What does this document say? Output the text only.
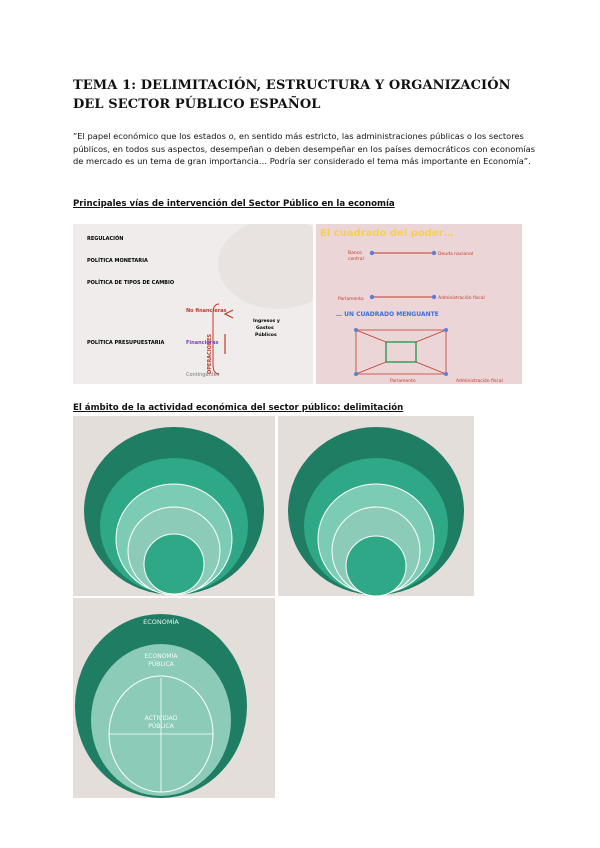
TEMA 1: DELIMITACIÓN, ESTRUCTURA Y ORGANIZACIÓN DEL SECTOR PÚBLICO ESPAÑOL
“El papel económico que los estados o, en sentido más estricto, las administraciones públicas o los sectores públicos, en todos sus aspectos, desempeñan o deben desempeñar en los países democráticos con economías de mercado es un tema de gran importancia… Podría ser considerado el tema más importante en Economía”.
Principales vías de intervención del Sector Público en la economía
REGULACIÓN
POLÍTICA MONETARIA
POLÍTICA DE TIPOS DE CAMBIO
POLÍTICA PRESUPUESTARIA	OPERACIONES
No financieras
Financieras
Contingentes
Ingresos y
Gastos
Públicos
El cuadrado del poder…
Banco
central
Deuda nacional
Parlamento	Administración fiscal
… UN CUADRADO MENGUANTE
Parlamento	Administración fiscal
El ámbito de la actividad económica del sector público: delimitación
ECONOMÍA
ECONOMÍA
PÚBLICA
ACTIVIDAD
PÚBLICA
